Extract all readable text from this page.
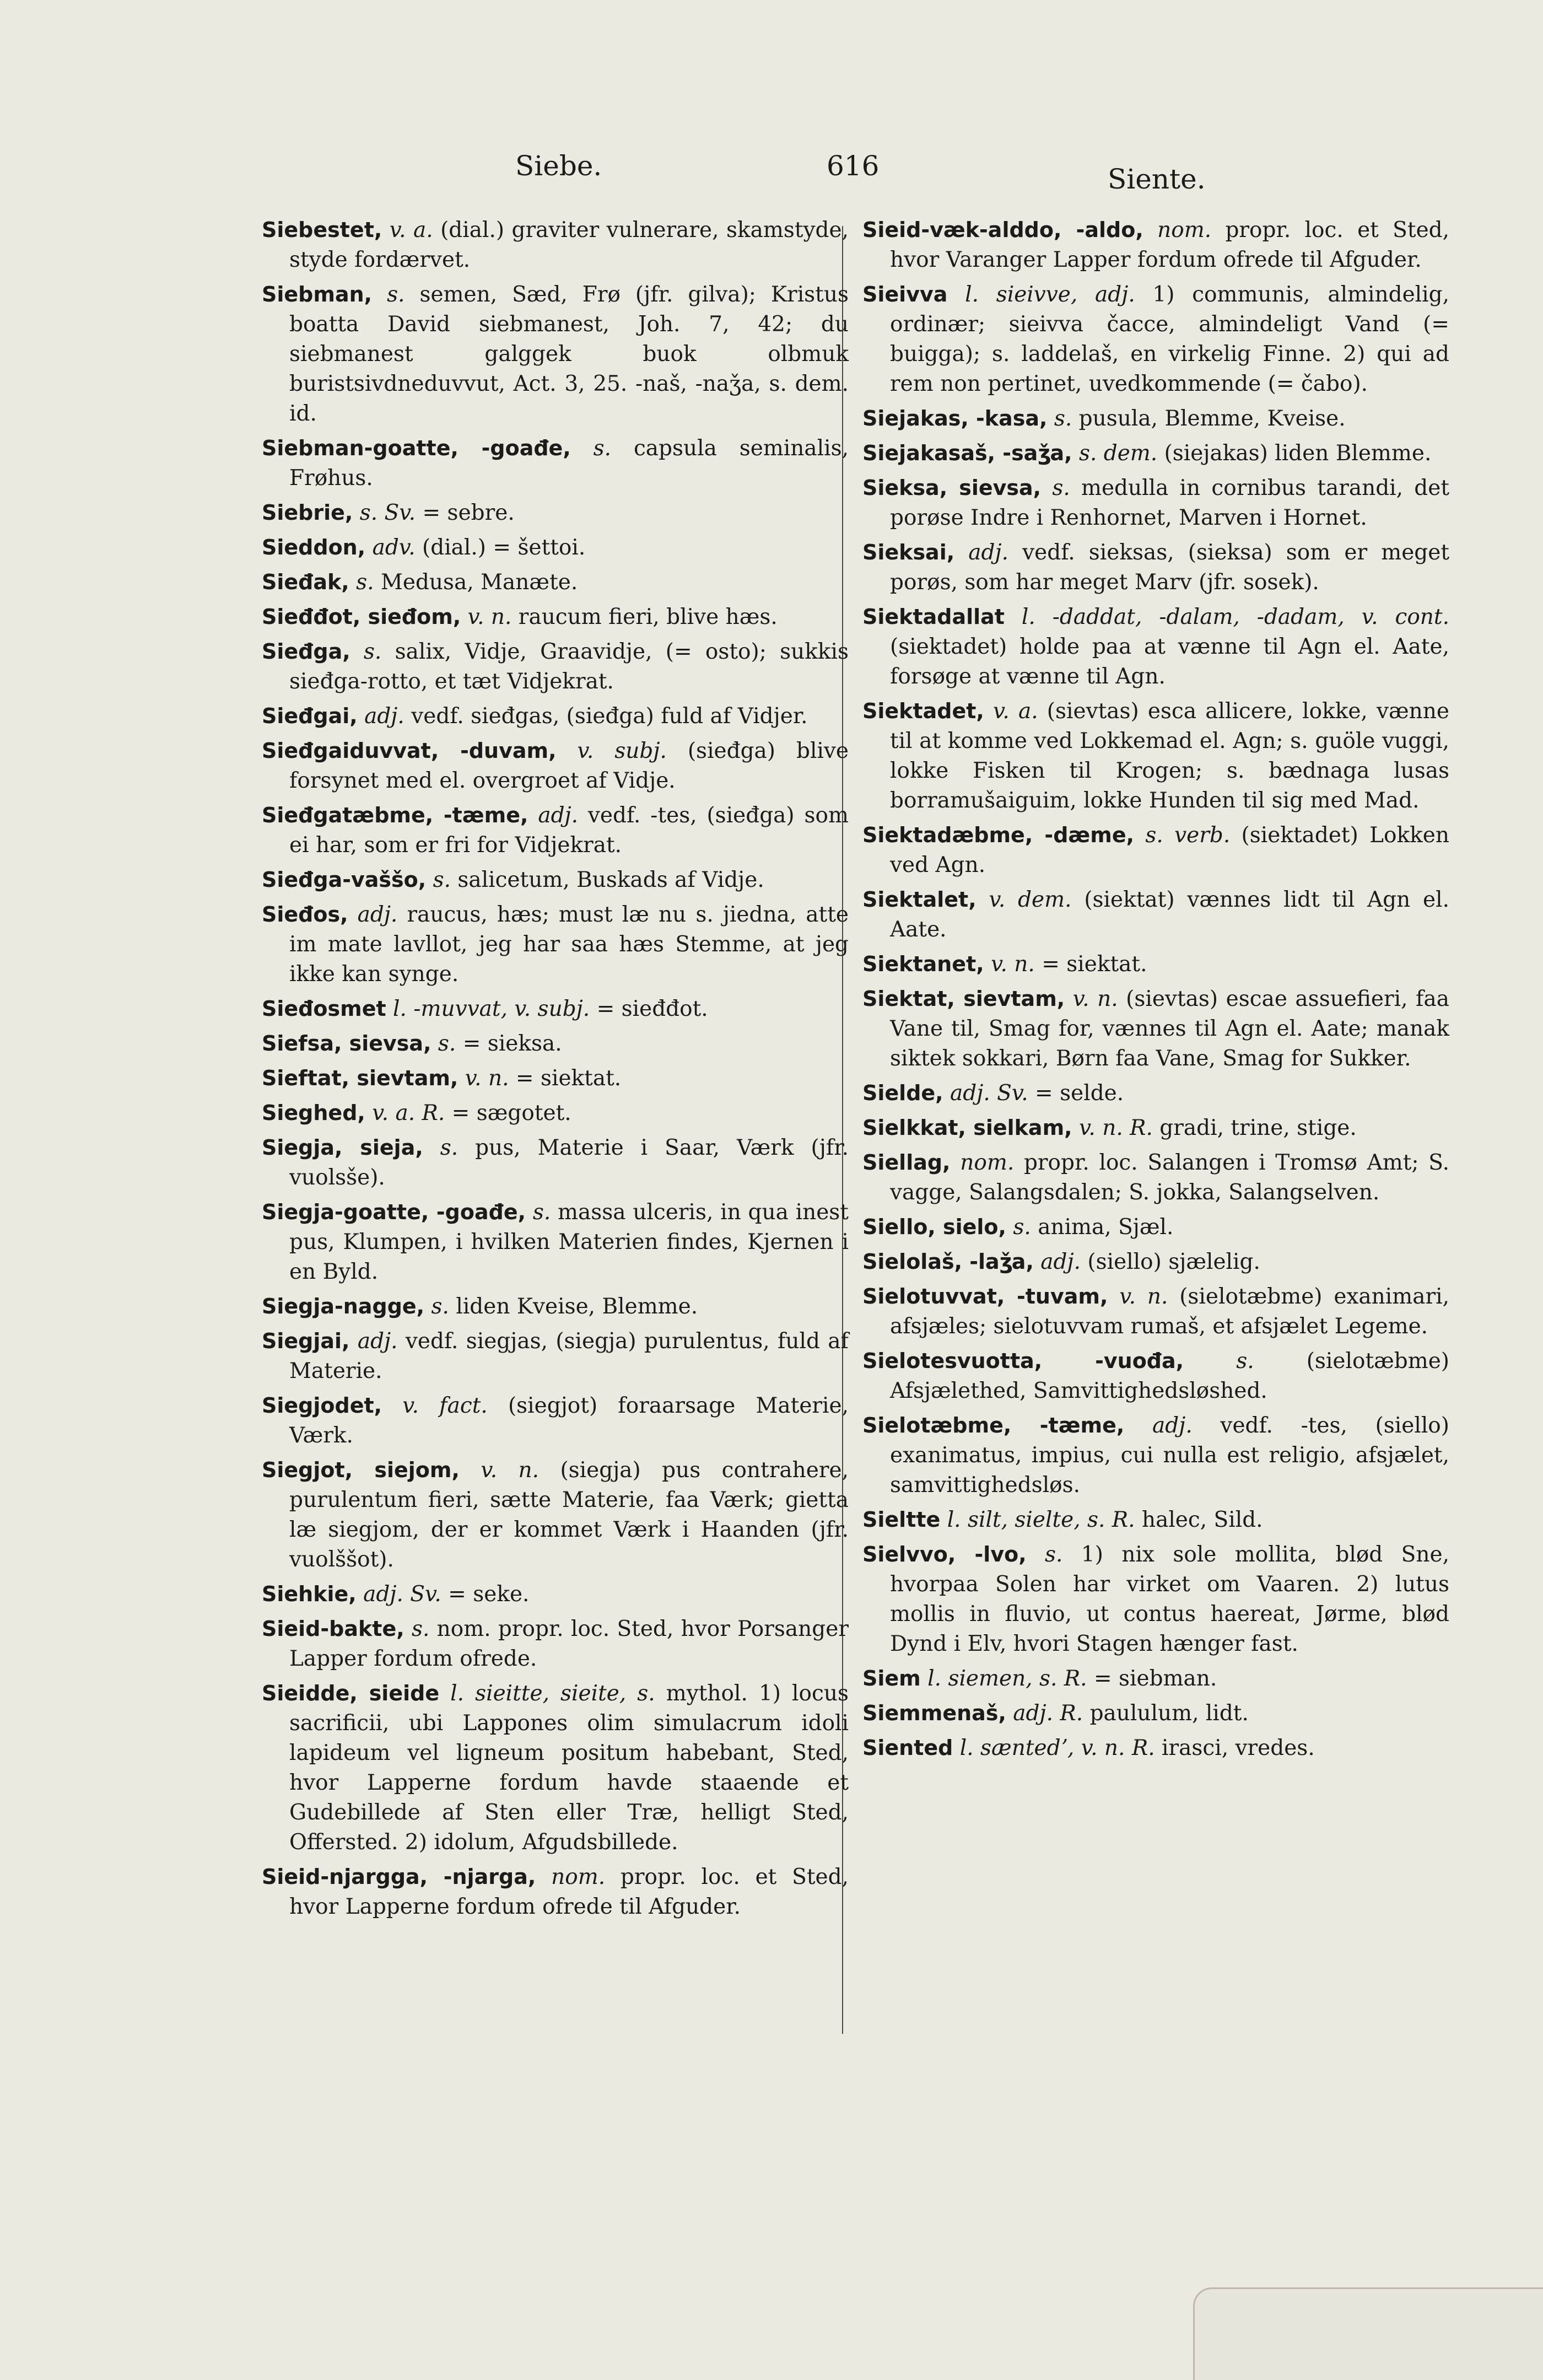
Siebe.	616	Siente.

Siebestet, v. a. (dial.) graviter vulnerare, skamstyde, styde fordærvet.

Siebman, s. semen, Sæd, Frø (jfr. gilva); Kristus boatta David siebmanest, Joh. 7, 42; du siebmanest galggek buok olbmuk buristsivdneduvvut, Act. 3, 25. -naš, -naǯa, s. dem. id.

Siebman-goatte, -goađe, s. capsula seminalis, Frøhus.

Siebrie, s. Sv. = sebre.

Sieddon, adv. (dial.) = šettoi.

Sieđak, s. Medusa, Manæte.

Sieđđot, sieđom, v. n. raucum fieri, blive hæs.

Sieđga, s. salix, Vidje, Graavidje, (= osto); sukkis sieđga-rotto, et tæt Vidjekrat.

Sieđgai, adj. vedf. sieđgas, (sieđga) fuld af Vidjer.

Sieđgaiduvvat, -duvam, v. subj. (sieđga) blive forsynet med el. overgroet af Vidje.

Sieđgatæbme, -tæme, adj. vedf. -tes, (sieđga) som ei har, som er fri for Vidjekrat.

Sieđga-vaššo, s. salicetum, Buskads af Vidje.

Sieđos, adj. raucus, hæs; must læ nu s. jiedna, atte im mate lavllot, jeg har saa hæs Stemme, at jeg ikke kan synge.

Sieđosmet l. -muvvat, v. subj. = sieđđot.

Siefsa, sievsa, s. = sieksa.

Sieftat, sievtam, v. n. = siektat.

Sieghed, v. a. R. = sægotet.

Siegja, sieja, s. pus, Materie i Saar, Værk (jfr. vuolsše).

Siegja-goatte, -goađe, s. massa ulceris, in qua inest pus, Klumpen, i hvilken Materien findes, Kjernen i en Byld.

Siegja-nagge, s. liden Kveise, Blemme.

Siegjai, adj. vedf. siegjas, (siegja) purulentus, fuld af Materie.

Siegjodet, v. fact. (siegjot) foraarsage Materie, Værk.

Siegjot, siejom, v. n. (siegja) pus contrahere, purulentum fieri, sætte Materie, faa Værk; gietta læ siegjom, der er kommet Værk i Haanden (jfr. vuolššot).

Siehkie, adj. Sv. = seke.

Sieid-bakte, s. nom. propr. loc. Sted, hvor Porsanger Lapper fordum ofrede.

Sieidde, sieide l. sieitte, sieite, s. mythol. 1) locus sacrificii, ubi Lappones olim simulacrum idoli lapideum vel ligneum positum habebant, Sted, hvor Lapperne fordum havde staaende et Gudebillede af Sten eller Træ, helligt Sted, Offersted. 2) idolum, Afgudsbillede.

Sieid-njargga, -njarga, nom. propr. loc. et Sted, hvor Lapperne fordum ofrede til Afguder.

Sieid-væk-alddo, -aldo, nom. propr. loc. et Sted, hvor Varanger Lapper fordum ofrede til Afguder.

Sieivva l. sieivve, adj. 1) communis, almindelig, ordinær; sieivva čacce, almindeligt Vand (= buigga); s. laddelaš, en virkelig Finne. 2) qui ad rem non pertinet, uvedkommende (= čabo).

Siejakas, -kasa, s. pusula, Blemme, Kveise.

Siejakasaš, -saǯa, s. dem. (siejakas) liden Blemme.

Sieksa, sievsa, s. medulla in cornibus tarandi, det porøse Indre i Renhornet, Marven i Hornet.

Sieksai, adj. vedf. sieksas, (sieksa) som er meget porøs, som har meget Marv (jfr. sosek).

Siektadallat l. -daddat, -dalam, -dadam, v. cont. (siektadet) holde paa at vænne til Agn el. Aate, forsøge at vænne til Agn.

Siektadet, v. a. (sievtas) esca allicere, lokke, vænne til at komme ved Lokkemad el. Agn; s. guöle vuggi, lokke Fisken til Krogen; s. bædnaga lusas borramušaiguim, lokke Hunden til sig med Mad.

Siektadæbme, -dæme, s. verb. (siektadet) Lokken ved Agn.

Siektalet, v. dem. (siektat) vænnes lidt til Agn el. Aate.

Siektanet, v. n. = siektat.

Siektat, sievtam, v. n. (sievtas) escae assuefieri, faa Vane til, Smag for, vænnes til Agn el. Aate; manak siktek sokkari, Børn faa Vane, Smag for Sukker.

Sielde, adj. Sv. = selde.

Sielkkat, sielkam, v. n. R. gradi, trine, stige.

Siellag, nom. propr. loc. Salangen i Tromsø Amt; S. vagge, Salangsdalen; S. jokka, Salangselven.

Siello, sielo, s. anima, Sjæl.

Sielolaš, -laǯa, adj. (siello) sjælelig.

Sielotuvvat, -tuvam, v. n. (sielotæbme) exanimari, afsjæles; sielotuvvam rumaš, et afsjælet Legeme.

Sielotesvuotta, -vuođa, s. (sielotæbme) Afsjælethed, Samvittighedsløshed.

Sielotæbme, -tæme, adj. vedf. -tes, (siello) exanimatus, impius, cui nulla est religio, afsjælet, samvittighedsløs.

Sieltte l. silt, sielte, s. R. halec, Sild.

Sielvvo, -lvo, s. 1) nix sole mollita, blød Sne, hvorpaa Solen har virket om Vaaren. 2) lutus mollis in fluvio, ut contus haereat, Jørme, blød Dynd i Elv, hvori Stagen hænger fast.

Siem l. siemen, s. R. = siebman.

Siemmenaš, adj. R. paululum, lidt.

Siented l. sæntedʼ, v. n. R. irasci, vredes.
